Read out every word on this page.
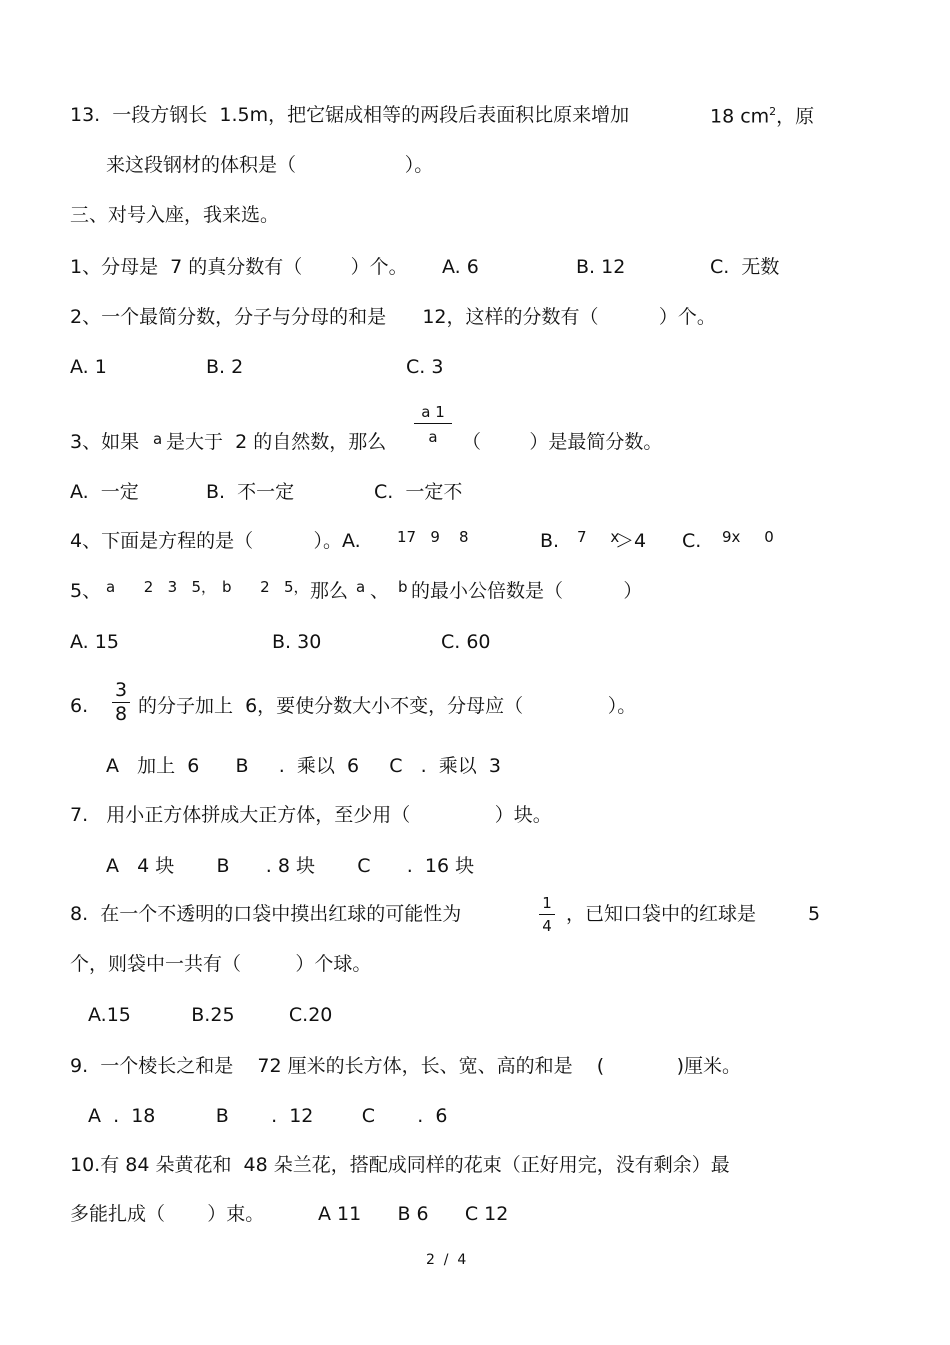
13.  一段方钢长  1.5m，把它锯成相等的两段后表面积比原来增加	18 $cm^2$，原
来这段钢材的体积是（                  ）。
三、对号入座，我来选。
1、分母是  7 的真分数有（        ）个。 A. 6	B. 12	C.  无数
2、一个最简分数，分子与分母的和是      12，这样的分数有（          ）个。
A. 1	B. 2	C. 3
3、如果 a 是大于  2 的自然数，那么
a 1
a	（        ）是最简分数。
A.  一定	B.  不一定	C.  一定不
4、下面是方程的是（          ）。A. 17   9    8	B. 7     x
＞4 C. 9x     0
5、 a      2   3   5， b      2   5， 那么 a 、 b 的最小公倍数是（          ）
A. 15	B. 30	C. 60
6.
3
8 的分子加上  6，要使分数大小不变，分母应（              ）。
A   加上  6      B     .  乘以  6     C   .  乘以  3
7.   用小正方体拼成大正方体，至少用（              ）块。
A   4 块       B      . 8 块       C      .  16 块
8.  在一个不透明的口袋中摸出红球的可能性为	1
4
，已知口袋中的红球是	5
个，则袋中一共有（         ）个球。
A.15          B.25         C.20
9.  一个棱长之和是    72 厘米的长方体，长、宽、高的和是    (            )厘米。
A  .  18          B       .  12        C       .  6
10.有 84 朵黄花和  48 朵兰花，搭配成同样的花束（正好用完，没有剩余）最
多能扎成（       ）束。	A 11      B 6      C 12
2  /  4
